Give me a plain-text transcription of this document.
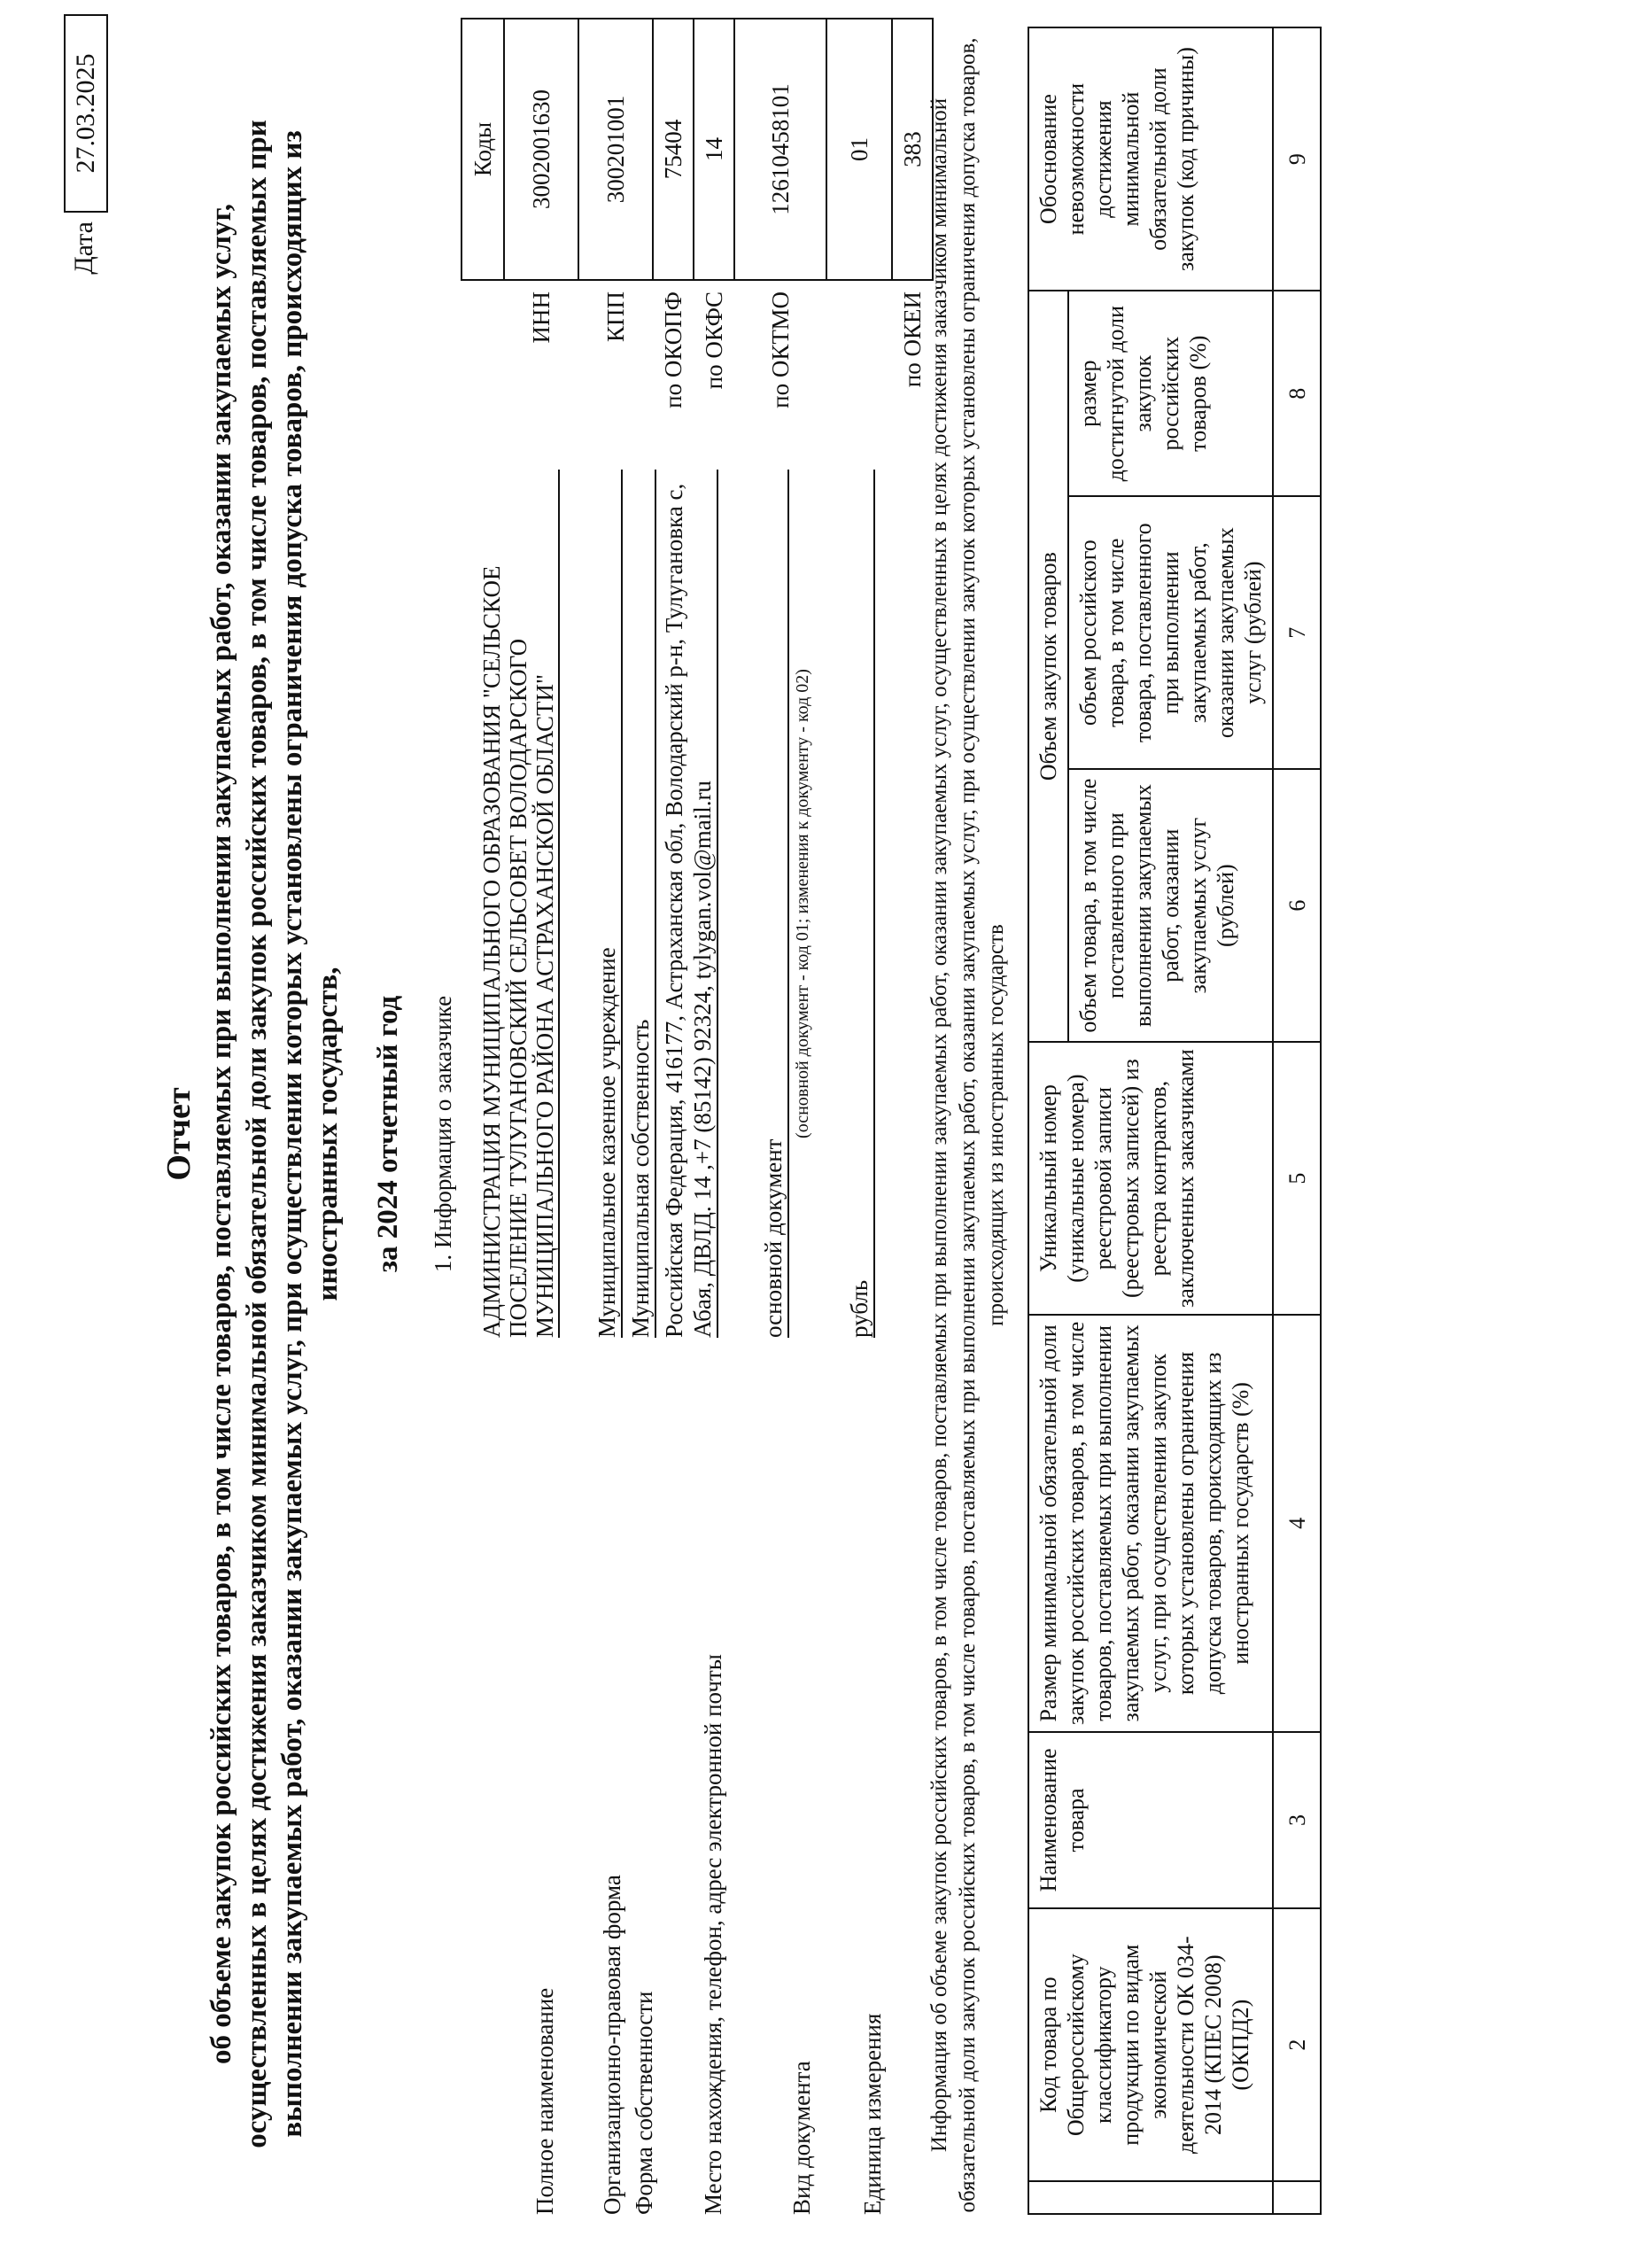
Дата
27.03.2025
Отчет об объеме закупок российских товаров, в том числе товаров, поставляемых при выполнении закупаемых работ, оказании закупаемых услуг, осуществленных в целях достижения заказчиком минимальной обязательной доли закупок российских товаров, в том числе товаров, поставляемых при выполнении закупаемых работ, оказании закупаемых услуг, при осуществлении которых установлены ограничения допуска товаров, происходящих из иностранных государств, за 2024 отчетный год 1. Информация о заказчике
Полное наименование
АДМИНИСТРАЦИЯ МУНИЦИПАЛЬНОГО ОБРАЗОВАНИЯ "СЕЛЬСКОЕ ПОСЕЛЕНИЕ ТУЛУГАНОВСКИЙ СЕЛЬСОВЕТ ВОЛОДАРСКОГО МУНИЦИПАЛЬНОГО РАЙОНА АСТРАХАНСКОЙ ОБЛАСТИ"
Организационно-правовая форма
Муниципальное казенное учреждение
Форма собственности
Муниципальная собственность
Место нахождения, телефон, адрес электронной почты
Российская Федерация, 416177, Астраханская обл, Володарский р-н, Тулугановка с, Абая, ДВЛД. 14 ,+7 (85142) 92324, tylygan.vol@mail.ru
Вид документа
основной документ
(основной документ - код 01; изменения к документу - код 02)
Единица измерения
рубль
	Коды
ИНН	3002001630
КПП	300201001
по ОКОПФ	75404
по ОКФС	14
по ОКТМО	12610458101
	01
по ОКЕИ	383 Информация об объеме закупок российских товаров, в том числе товаров, поставляемых при выполнении закупаемых работ, оказании закупаемых услуг, осуществленных в целях достижения заказчиком минимальной обязательной доли закупок российских товаров, в том числе товаров, поставляемых при выполнении закупаемых работ, оказании закупаемых услуг, при осуществлении закупок которых установлены ограничения допуска товаров, происходящих из иностранных государств
	Код товара по Общероссийскому классификатору продукции по видам экономической деятельности ОК 034-2014 (КПЕС 2008) (ОКПД2)	Наименование товара	Размер минимальной обязательной доли закупок российских товаров, в том числе товаров, поставляемых при выполнении закупаемых работ, оказании закупаемых услуг, при осуществлении закупок которых установлены ограничения допуска товаров, происходящих из иностранных государств (%)	Уникальный номер (уникальные номера) реестровой записи (реестровых записей) из реестра контрактов, заключенных заказчиками	Объем закупок товаров			Обоснование невозможности достижения минимальной обязательной доли закупок (код причины)
					объем товара, в том числе поставленного при выполнении закупаемых работ, оказании закупаемых услуг (рублей)	объем российского товара, в том числе товара, поставленного при выполнении закупаемых работ, оказании закупаемых услуг (рублей)	размер достигнутой доли закупок российских товаров (%)	
	2	3	4	5	6	7	8	9
